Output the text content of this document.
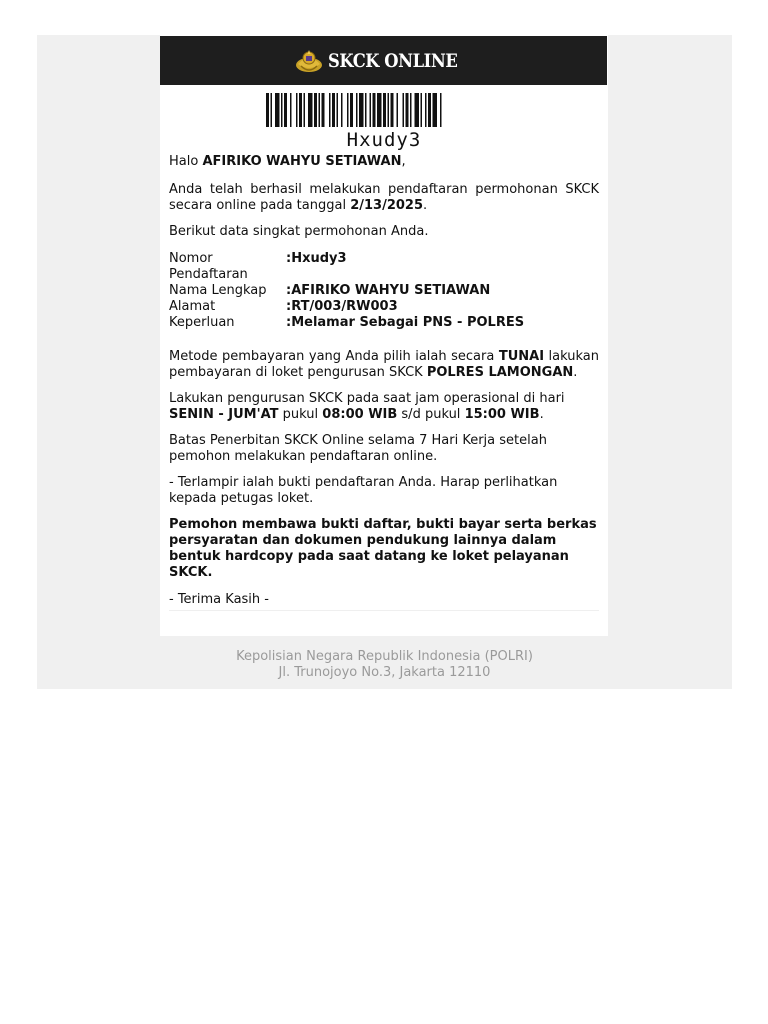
SKCK ONLINE
Hxudy3

Halo AFIRIKO WAHYU SETIAWAN,

Anda telah berhasil melakukan pendaftaran permohonan SKCK secara online pada tanggal 2/13/2025.

Berikut data singkat permohonan Anda.

Nomor Pendaftaran
:Hxudy3
Nama Lengkap	:AFIRIKO WAHYU SETIAWAN
Alamat	:RT/003/RW003
Keperluan	:Melamar Sebagai PNS - POLRES

Metode pembayaran yang Anda pilih ialah secara TUNAI lakukan pembayaran di loket pengurusan SKCK POLRES LAMONGAN.

Lakukan pengurusan SKCK pada saat jam operasional di hari SENIN - JUM'AT pukul 08:00 WIB s/d pukul 15:00 WIB.

Batas Penerbitan SKCK Online selama 7 Hari Kerja setelah pemohon melakukan pendaftaran online.

- Terlampir ialah bukti pendaftaran Anda. Harap perlihatkan kepada petugas loket.

Pemohon membawa bukti daftar, bukti bayar serta berkas persyaratan dan dokumen pendukung lainnya dalam bentuk hardcopy pada saat datang ke loket pelayanan SKCK.

- Terima Kasih -

Kepolisian Negara Republik Indonesia (POLRI)
Jl. Trunojoyo No.3, Jakarta 12110
